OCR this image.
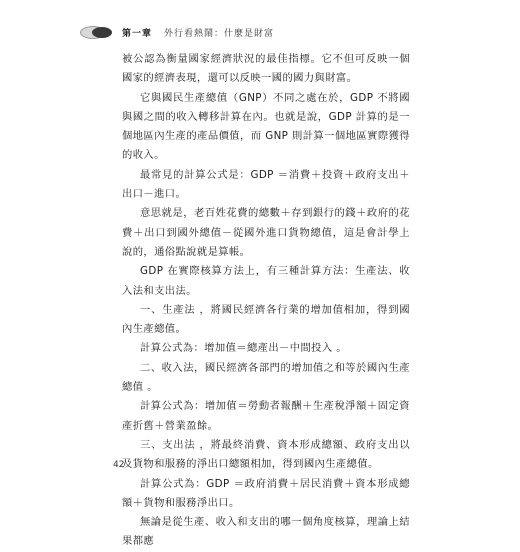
第一章 外行看熱鬧：什麼是財富

被公認為衡量國家經濟狀況的最佳指標。它不但可反映一個國家的經濟表現，還可以反映一國的國力與財富。

它與國民生產總值（GNP）不同之處在於，GDP 不將國與國之間的收入轉移計算在內。也就是說，GDP 計算的是一個地區內生產的產品價值，而 GNP 則計算一個地區實際獲得的收入。

最常見的計算公式是：GDP ＝消費＋投資＋政府支出＋出口－進口。

意思就是，老百姓花費的總數＋存到銀行的錢＋政府的花費＋出口到國外總值－從國外進口貨物總值，這是會計學上說的，通俗點說就是算帳。

GDP 在實際核算方法上，有三種計算方法：生產法、收入法和支出法。

一、生產法 ，將國民經濟各行業的增加值相加，得到國內生產總值。

計算公式為：增加值＝總產出－中間投入 。

二、收入法，國民經濟各部門的增加值之和等於國內生產總值 。

計算公式為：增加值＝勞動者報酬＋生產稅淨額＋固定資產折舊＋營業盈餘。

三、支出法 ，將最終消費、資本形成總額、政府支出以及貨物和服務的淨出口總額相加，得到國內生產總值。

計算公式為：GDP ＝政府消費＋居民消費＋資本形成總額＋貨物和服務淨出口。

無論是從生產、收入和支出的哪一個角度核算，理論上結果都應

42
